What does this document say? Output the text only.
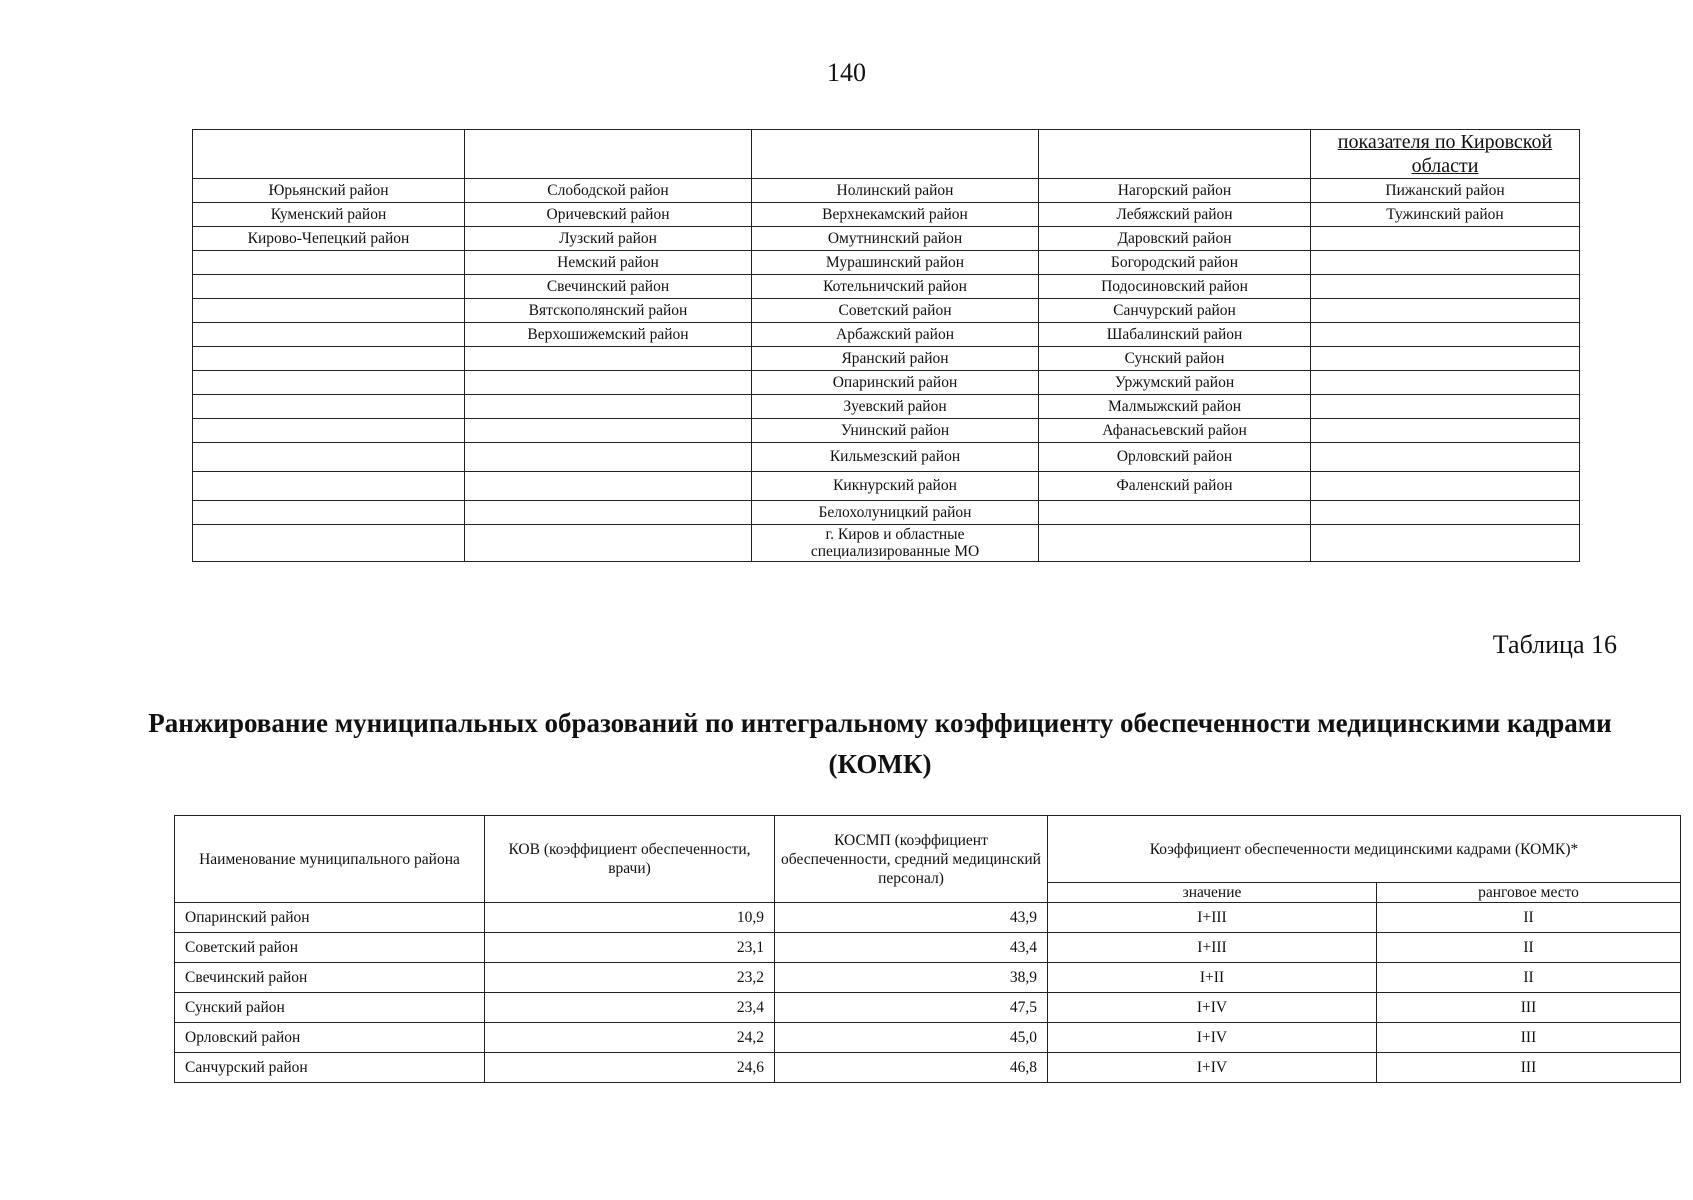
140

				показателя по Кировской
области

Юрьянский район	Слободской район	Нолинский район	Нагорский район	Пижанский район
Куменский район	Оричевский район	Верхнекамский район	Лебяжский район	Тужинский район
Кирово-Чепецкий район	Лузский район	Омутнинский район	Даровский район	
	Немский район	Мурашинский район	Богородский район	
	Свечинский район	Котельничский район	Подосиновский район	
	Вятскополянский район	Советский район	Санчурский район	
	Верхошижемский район	Арбажский район	Шабалинский район	
		Яранский район	Сунский район	
		Опаринский район	Уржумский район	
		Зуевский район	Малмыжский район	
		Унинский район	Афанасьевский район	
		Кильмезский район	Орловский район	
		Кикнурский район	Фаленский район	
		Белохолуницкий район		
		г. Киров и областные специализированные МО		
Таблица 16
Ранжирование муниципальных образований по интегральному коэффициенту обеспеченности медицинскими кадрами (КОМК)
Наименование муниципального района	КОВ (коэффициент обеспеченности, врачи)	КОСМП (коэффициент обеспеченности, средний медицинский персонал)	Коэффициент обеспеченности медицинскими кадрами (КОМК)*	
			значение	ранговое место
Опаринский район	10,9	43,9	I+III	II
Советский район	23,1	43,4	I+III	II
Свечинский район	23,2	38,9	I+II	II
Сунский район	23,4	47,5	I+IV	III
Орловский район	24,2	45,0	I+IV	III
Санчурский район	24,6	46,8	I+IV	III
